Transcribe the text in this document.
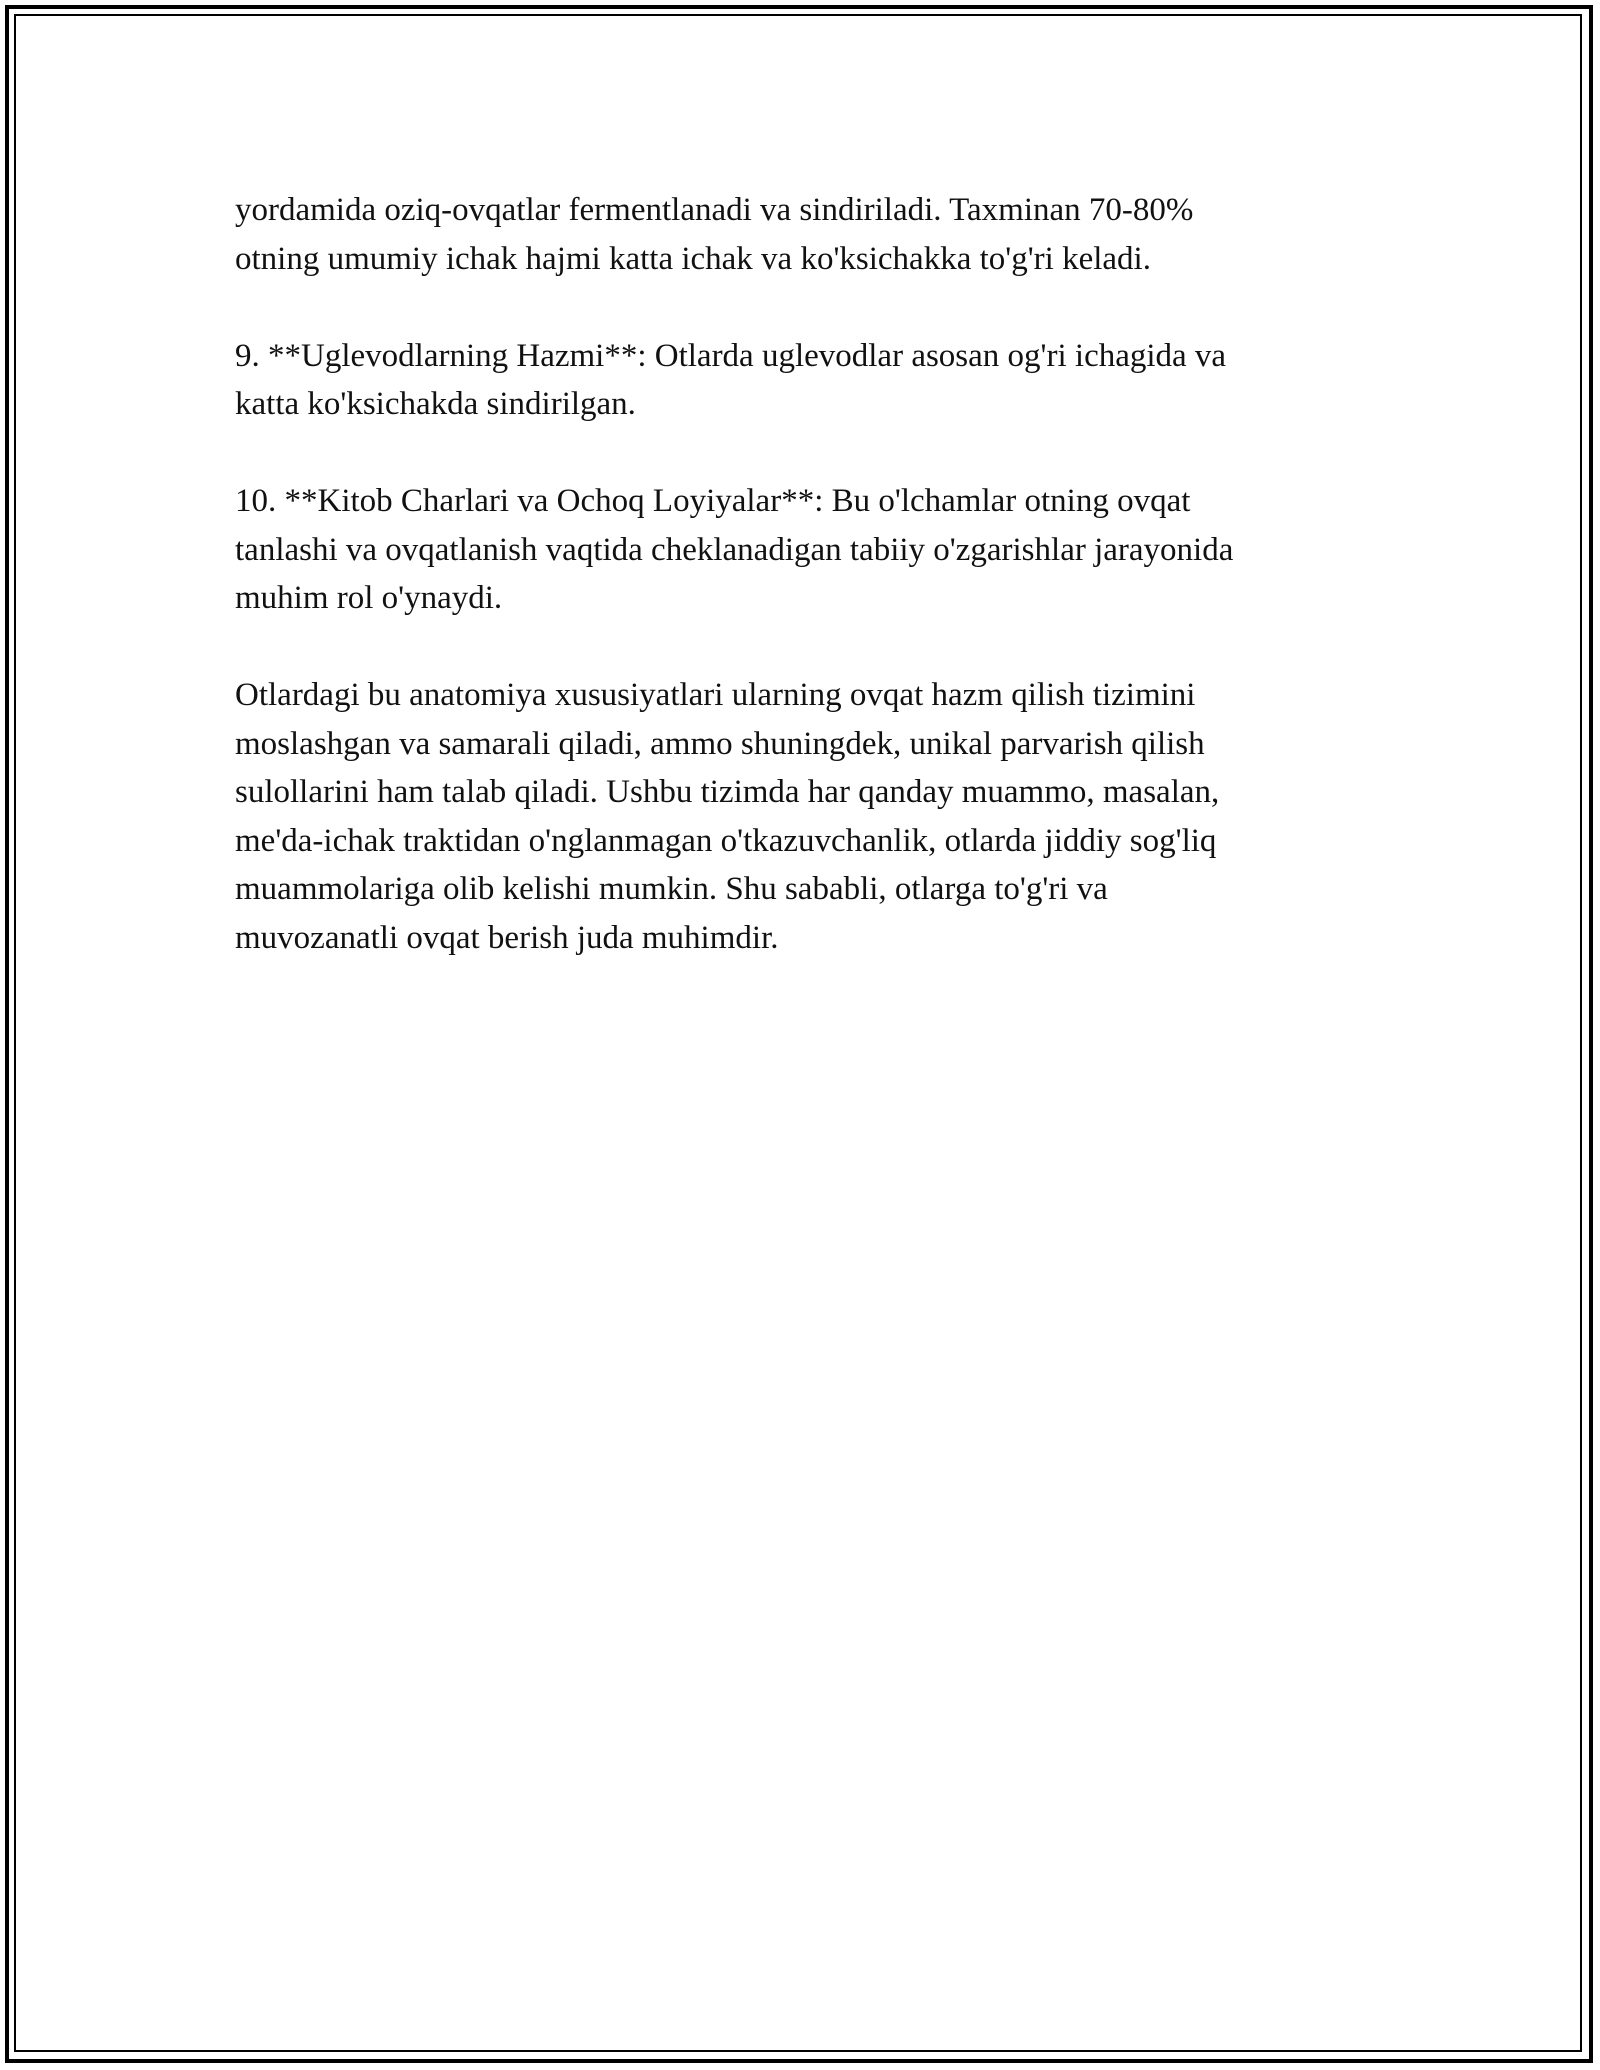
yordamida oziq-ovqatlar fermentlanadi va sindiriladi. Taxminan 70-80%
otning umumiy ichak hajmi katta ichak va ko'ksichakka to'g'ri keladi.

9. **Uglevodlarning Hazmi**: Otlarda uglevodlar asosan og'ri ichagida va
katta ko'ksichakda sindirilgan.

10. **Kitob Charlari va Ochoq Loyiyalar**: Bu o'lchamlar otning ovqat
tanlashi va ovqatlanish vaqtida cheklanadigan tabiiy o'zgarishlar jarayonida
muhim rol o'ynaydi.

Otlardagi bu anatomiya xususiyatlari ularning ovqat hazm qilish tizimini
moslashgan va samarali qiladi, ammo shuningdek, unikal parvarish qilish
sulollarini ham talab qiladi. Ushbu tizimda har qanday muammo, masalan,
me'da-ichak traktidan o'nglanmagan o'tkazuvchanlik, otlarda jiddiy sog'liq
muammolariga olib kelishi mumkin. Shu sababli, otlarga to'g'ri va
muvozanatli ovqat berish juda muhimdir.
